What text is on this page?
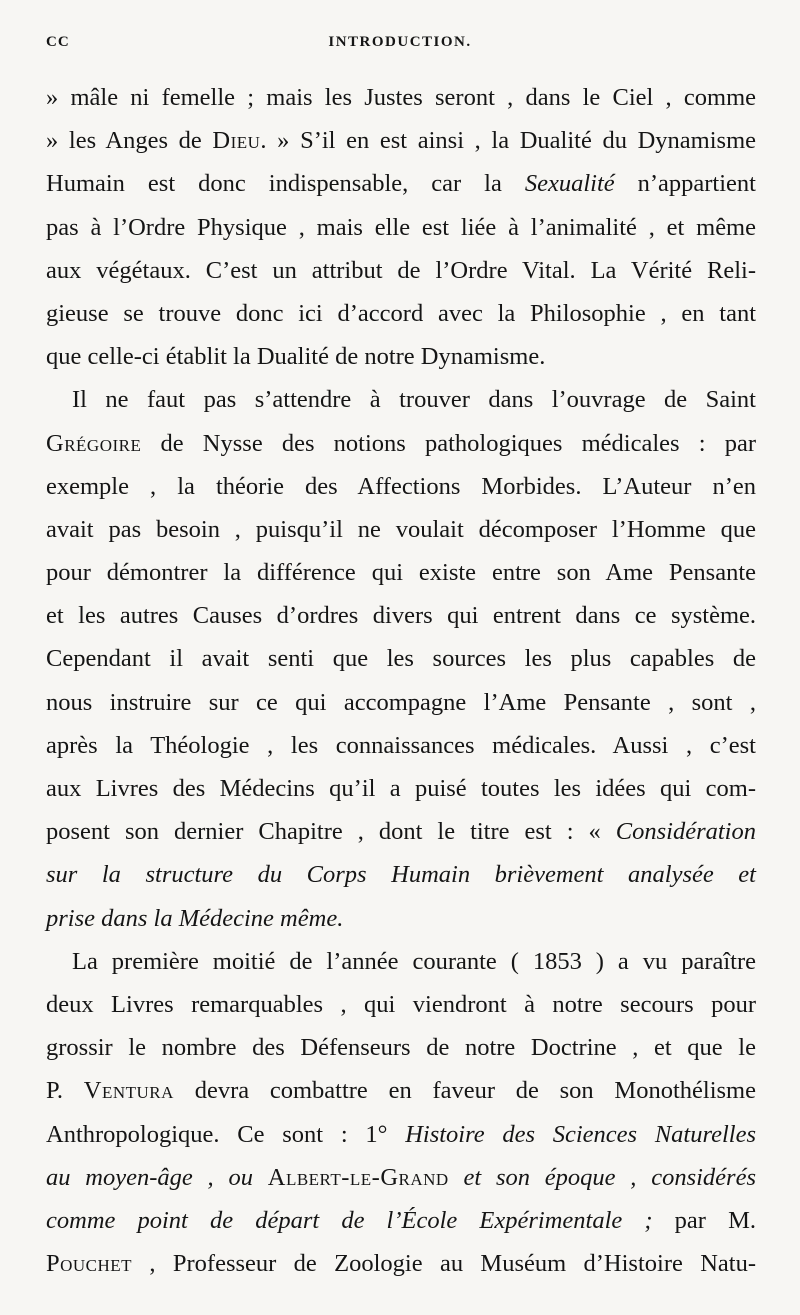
CC	INTRODUCTION.
» mâle ni femelle ; mais les Justes seront , dans le Ciel , comme
» les Anges de Dieu. » S’il en est ainsi , la Dualité du Dynamisme
Humain est donc indispensable, car la Sexualité n’appartient
pas à l’Ordre Physique , mais elle est liée à l’animalité , et même
aux végétaux. C’est un attribut de l’Ordre Vital. La Vérité Reli-
gieuse se trouve donc ici d’accord avec la Philosophie , en tant
que celle-ci établit la Dualité de notre Dynamisme.
Il ne faut pas s’attendre à trouver dans l’ouvrage de Saint
Grégoire de Nysse des notions pathologiques médicales : par
exemple , la théorie des Affections Morbides. L’Auteur n’en
avait pas besoin , puisqu’il ne voulait décomposer l’Homme que
pour démontrer la différence qui existe entre son Ame Pensante
et les autres Causes d’ordres divers qui entrent dans ce système.
Cependant il avait senti que les sources les plus capables de
nous instruire sur ce qui accompagne l’Ame Pensante , sont ,
après la Théologie , les connaissances médicales. Aussi , c’est
aux Livres des Médecins qu’il a puisé toutes les idées qui com-
posent son dernier Chapitre , dont le titre est : « Considération
sur la structure du Corps Humain brièvement analysée et
prise dans la Médecine même.
La première moitié de l’année courante ( 1853 ) a vu paraître
deux Livres remarquables , qui viendront à notre secours pour
grossir le nombre des Défenseurs de notre Doctrine , et que le
P. Ventura devra combattre en faveur de son Monothélisme
Anthropologique. Ce sont : 1° Histoire des Sciences Naturelles
au moyen-âge , ou Albert-le-Grand et son époque , considérés
comme point de départ de l’École Expérimentale ; par M.
Pouchet , Professeur de Zoologie au Muséum d’Histoire Natu-
